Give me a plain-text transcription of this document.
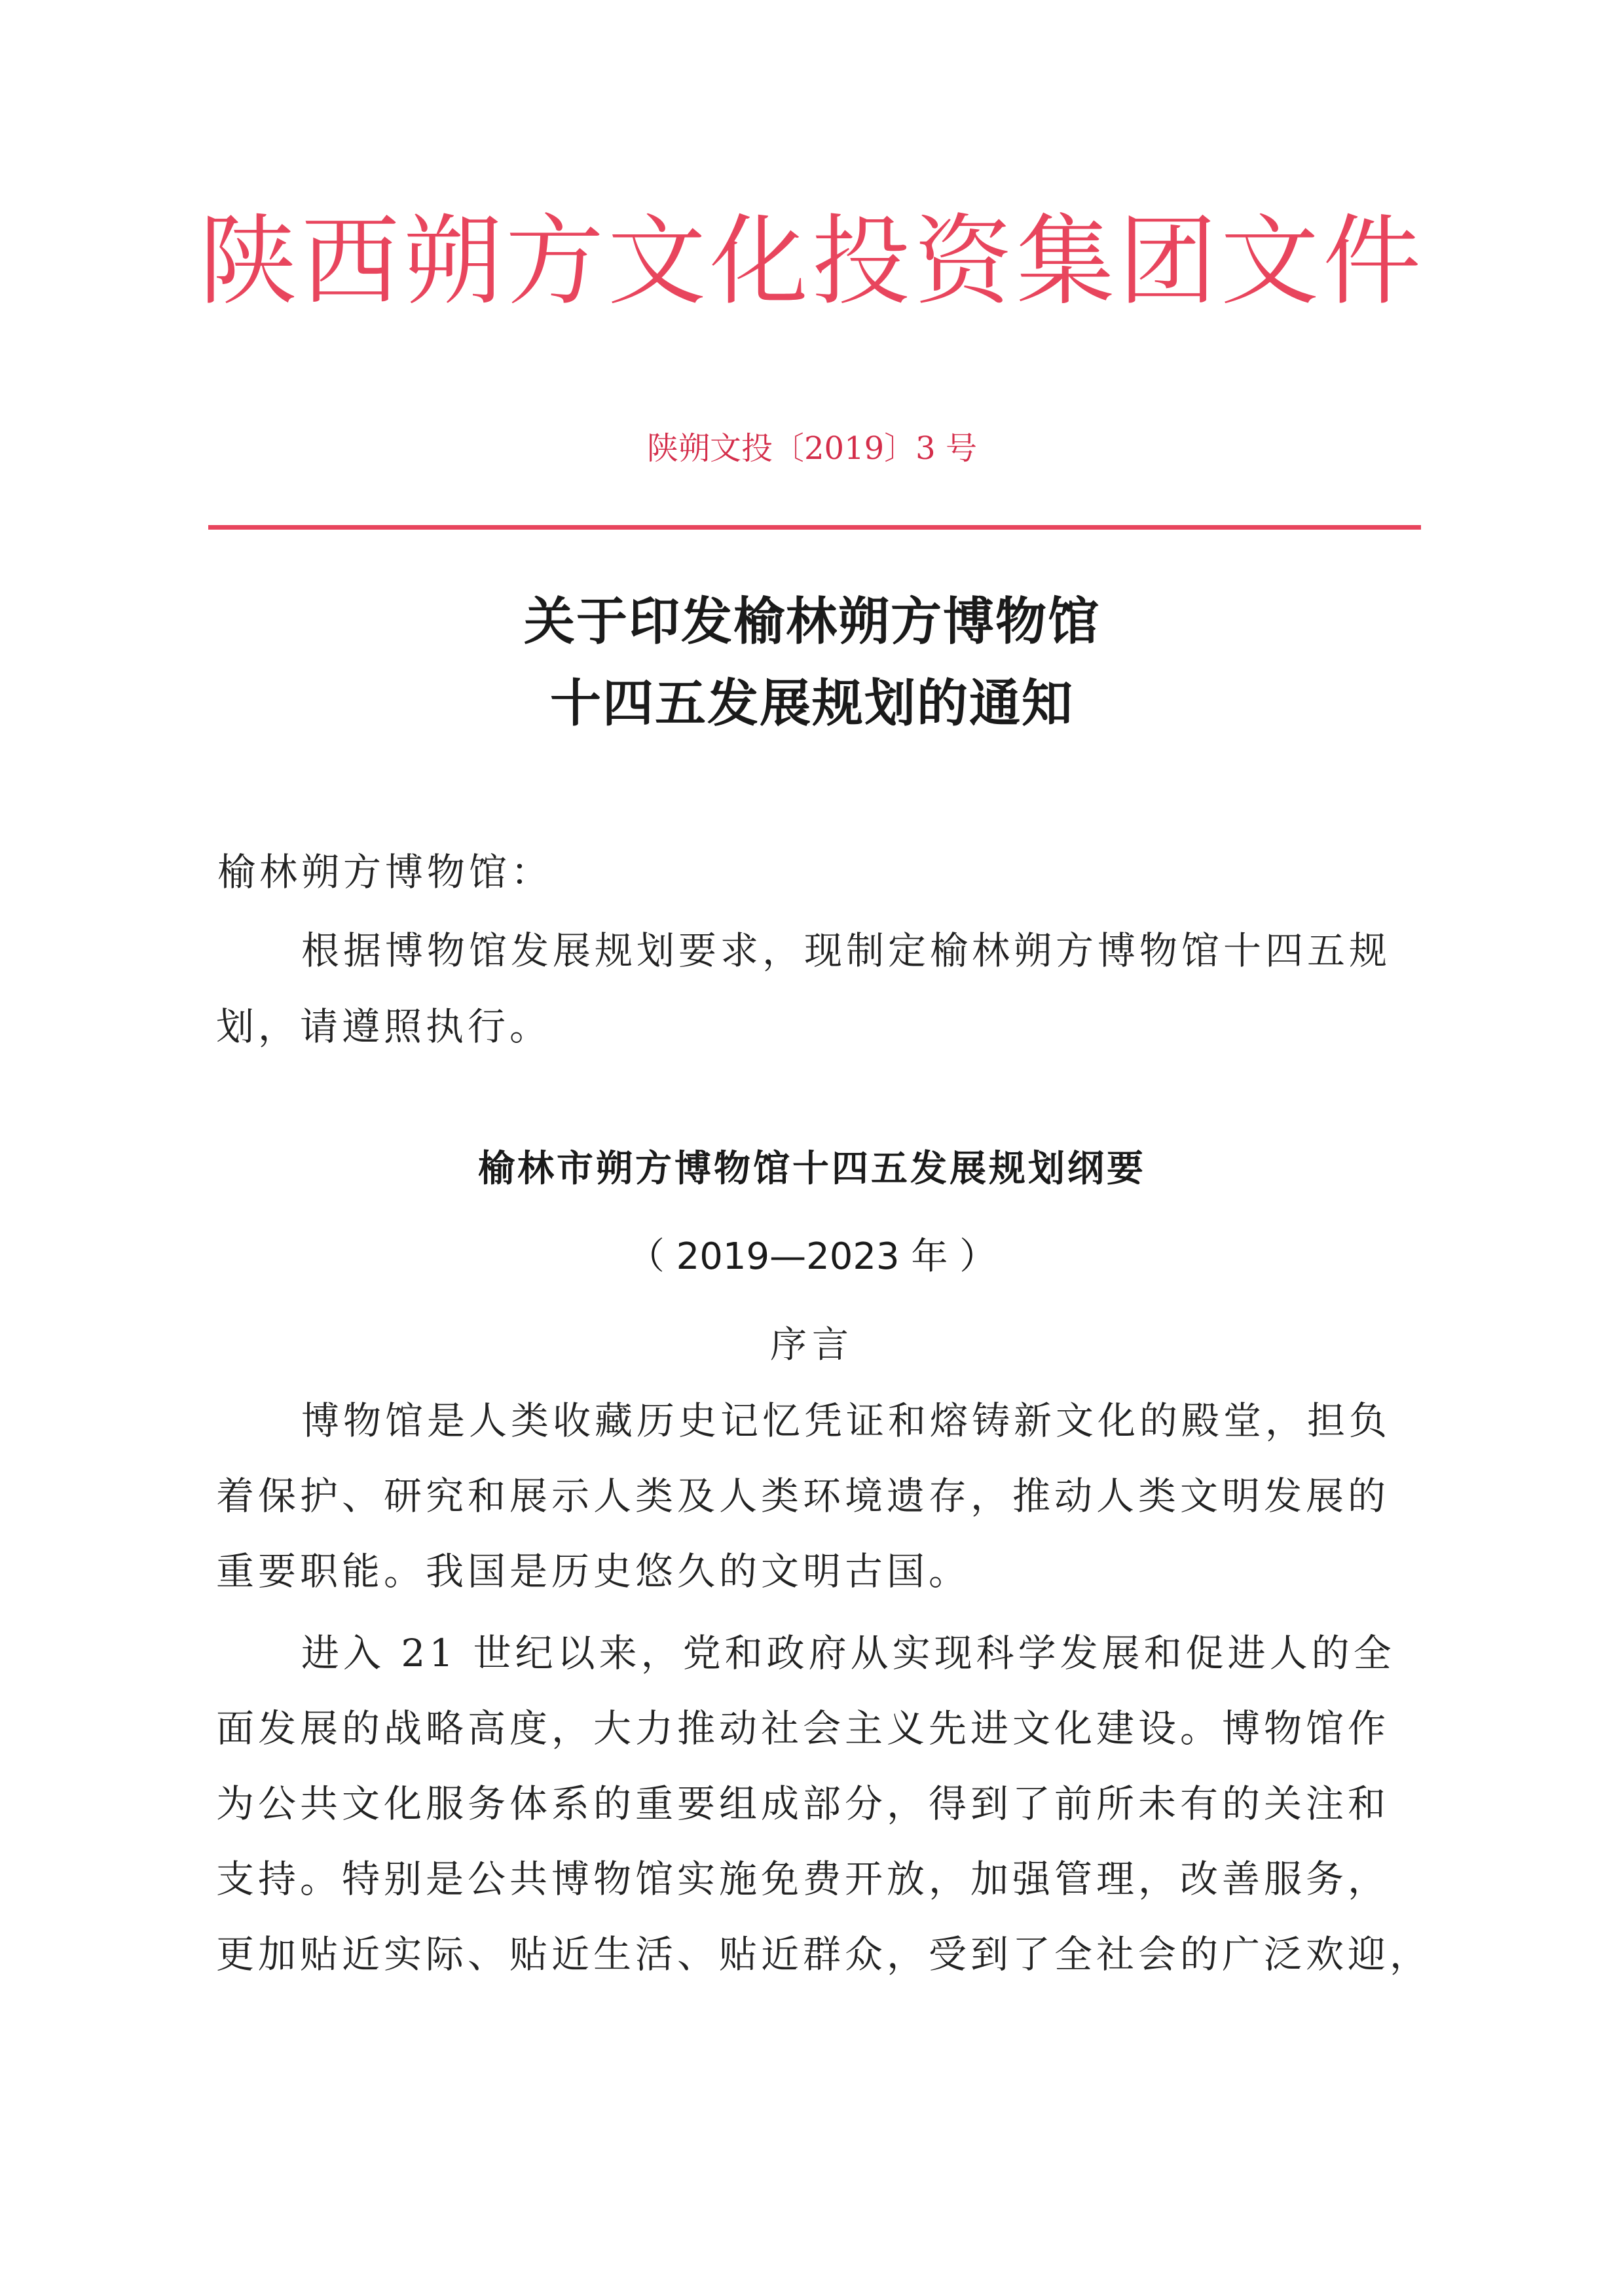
陕西朔方文化投资集团文件
陕朔文投〔2019〕3 号
关于印发榆林朔方博物馆
十四五发展规划的通知
榆林朔方博物馆：
根据博物馆发展规划要求，现制定榆林朔方博物馆十四五规
划，请遵照执行。
榆林市朔方博物馆十四五发展规划纲要
（ 2019—2023 年 ）
序言
博物馆是人类收藏历史记忆凭证和熔铸新文化的殿堂，担负
着保护、研究和展示人类及人类环境遗存，推动人类文明发展的
重要职能。我国是历史悠久的文明古国。
进入 21 世纪以来，党和政府从实现科学发展和促进人的全
面发展的战略高度，大力推动社会主义先进文化建设。博物馆作
为公共文化服务体系的重要组成部分，得到了前所未有的关注和
支持。特别是公共博物馆实施免费开放，加强管理，改善服务，
更加贴近实际、贴近生活、贴近群众，受到了全社会的广泛欢迎，
